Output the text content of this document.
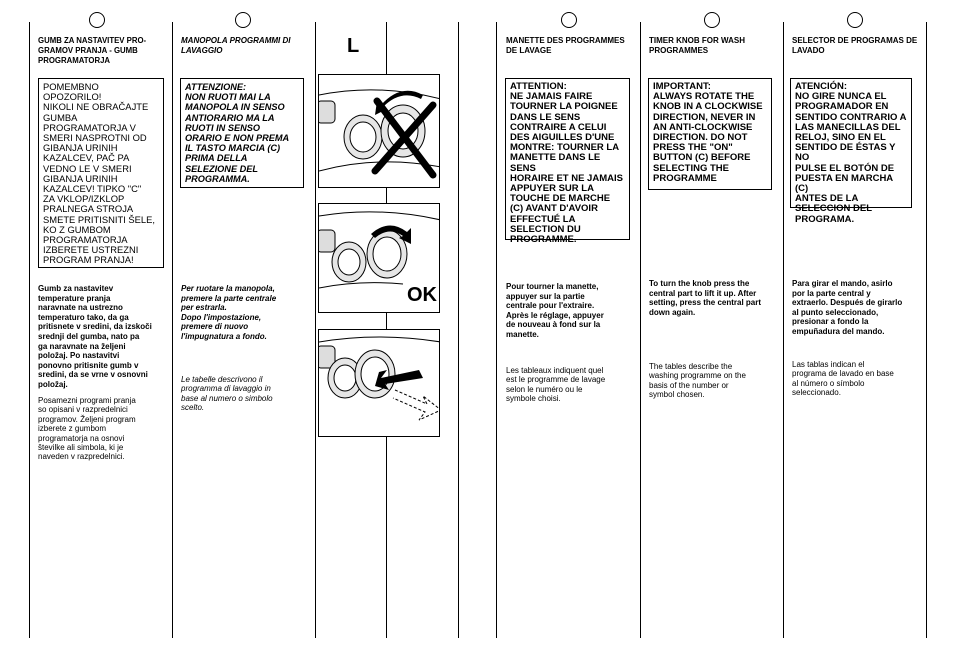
GUMB ZA NASTAVITEV PRO-
GRAMOV PRANJA - GUMB
PROGRAMATORJA
POMEMBNO
OPOZORILO!
NIKOLI NE OBRAČAJTE
GUMBA
PROGRAMATORJA V
SMERI NASPROTNI OD
GIBANJA URINIH
KAZALCEV, PAČ PA
VEDNO LE V SMERI
GIBANJA URINIH
KAZALCEV! TIPKO "C"
ZA VKLOP/IZKLOP
PRALNEGA STROJA
SMETE PRITISNITI ŠELE,
KO Z GUMBOM
PROGRAMATORJA
IZBERETE USTREZNI
PROGRAM PRANJA!
Gumb za nastavitev
temperature pranja
naravnate na ustrezno
temperaturo tako, da ga
pritisnete v sredini, da izskoči
srednji del gumba, nato pa
ga naravnate na željeni
položaj. Po nastavitvi
ponovno pritisnite gumb v
sredini, da se vrne v osnovni
položaj.
Posamezni programi pranja
so opisani v razpredelnici
programov. Željeni program
izberete z gumbom
programatorja na osnovi
številke ali simbola, ki je
naveden v razpredelnici.
MANOPOLA PROGRAMMI DI
LAVAGGIO
ATTENZIONE:
NON RUOTI MAI LA
MANOPOLA IN SENSO
ANTIORARIO MA LA
RUOTI IN SENSO
ORARIO E NON PREMA
IL TASTO MARCIA (C)
PRIMA DELLA
SELEZIONE DEL
PROGRAMMA.
Per ruotare la manopola,
premere la parte centrale
per estrarla.
Dopo l'impostazione,
premere di nuovo
l'impugnatura a fondo.
Le tabelle descrivono il
programma di lavaggio in
base al numero o simbolo
scelto.
L
OK
MANETTE DES PROGRAMMES
DE LAVAGE
ATTENTION:
NE JAMAIS FAIRE
TOURNER LA POIGNEE
DANS LE SENS
CONTRAIRE A CELUI
DES AIGUILLES D'UNE
MONTRE: TOURNER LA
MANETTE DANS LE SENS
HORAIRE ET NE JAMAIS
APPUYER SUR LA
TOUCHE DE MARCHE
(C) AVANT D'AVOIR
EFFECTUÉ LA
SELECTION DU
PROGRAMME.
Pour tourner la manette,
appuyer sur la partie
centrale pour l'extraire.
Après le réglage, appuyer
de nouveau à fond sur la
manette.
Les tableaux indiquent quel
est le programme de lavage
selon le numéro ou le
symbole choisi.
TIMER KNOB FOR WASH
PROGRAMMES
IMPORTANT:
ALWAYS ROTATE THE
KNOB IN A CLOCKWISE
DIRECTION, NEVER IN
AN ANTI-CLOCKWISE
DIRECTION. DO NOT
PRESS THE "ON"
BUTTON (C) BEFORE
SELECTING THE
PROGRAMME
To turn the knob press the
central part to lift it up. After
setting, press the central part
down again.
The tables describe the
washing programme on the
basis of the number or
symbol chosen.
SELECTOR DE PROGRAMAS DE
LAVADO
ATENCIÓN:
NO GIRE NUNCA EL
PROGRAMADOR EN
SENTIDO CONTRARIO A
LAS MANECILLAS DEL
RELOJ, SINO EN EL
SENTIDO DE ÉSTAS Y NO
PULSE EL BOTÓN DE
PUESTA EN MARCHA (C)
ANTES DE LA
SELECCION DEL
PROGRAMA.
Para girar el mando, asirlo
por la parte central y
extraerlo. Después de girarlo
al punto seleccionado,
presionar a fondo la
empuñadura del mando.
Las tablas indican el
programa de lavado en base
al número o símbolo
seleccionado.
